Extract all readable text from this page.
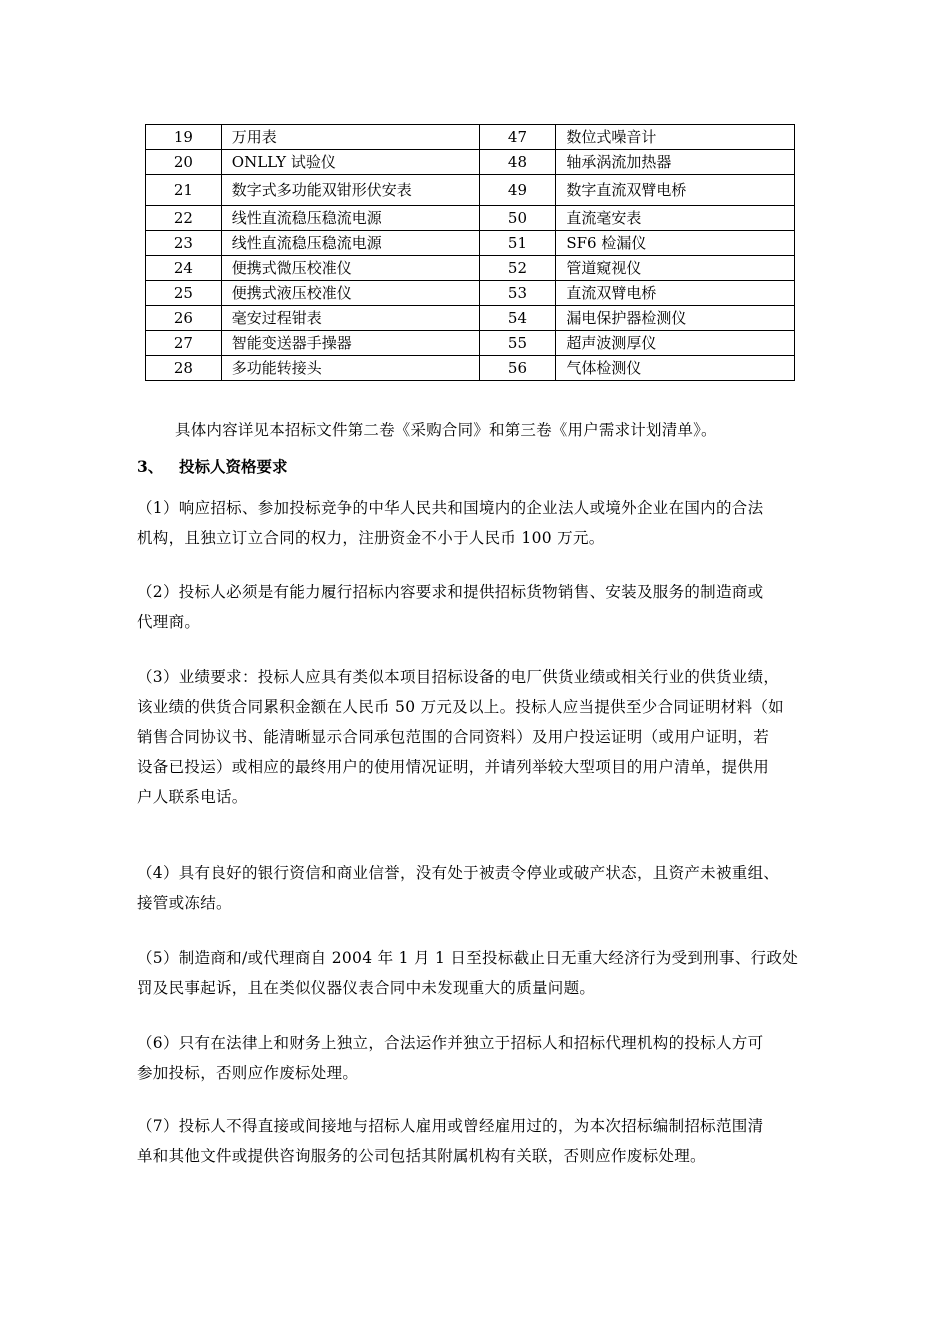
19	万用表	47	数位式噪音计
20	ONLLY 试验仪	48	轴承涡流加热器
21	数字式多功能双钳形伏安表	49	数字直流双臂电桥
22	线性直流稳压稳流电源	50	直流毫安表
23	线性直流稳压稳流电源	51	SF6 检漏仪
24	便携式微压校准仪	52	管道窥视仪
25	便携式液压校准仪	53	直流双臂电桥
26	毫安过程钳表	54	漏电保护器检测仪
27	智能变送器手操器	55	超声波测厚仪
28	多功能转接头	56	气体检测仪
具体内容详见本招标文件第二卷《采购合同》和第三卷《用户需求计划清单》。
3、 投标人资格要求

（1）响应招标、参加投标竞争的中华人民共和国境内的企业法人或境外企业在国内的合法

机构，且独立订立合同的权力，注册资金不小于人民币 100 万元。

（2）投标人必须是有能力履行招标内容要求和提供招标货物销售、安装及服务的制造商或

代理商。

（3）业绩要求：投标人应具有类似本项目招标设备的电厂供货业绩或相关行业的供货业绩，

该业绩的供货合同累积金额在人民币 50 万元及以上。投标人应当提供至少合同证明材料（如

销售合同协议书、能清晰显示合同承包范围的合同资料）及用户投运证明（或用户证明，若

设备已投运）或相应的最终用户的使用情况证明，并请列举较大型项目的用户清单，提供用

户人联系电话。

（4）具有良好的银行资信和商业信誉，没有处于被责令停业或破产状态，且资产未被重组、

接管或冻结。

（5）制造商和/或代理商自 2004 年 1 月 1 日至投标截止日无重大经济行为受到刑事、行政处

罚及民事起诉，且在类似仪器仪表合同中未发现重大的质量问题。

（6）只有在法律上和财务上独立，合法运作并独立于招标人和招标代理机构的投标人方可

参加投标，否则应作废标处理。

（7）投标人不得直接或间接地与招标人雇用或曾经雇用过的，为本次招标编制招标范围清

单和其他文件或提供咨询服务的公司包括其附属机构有关联，否则应作废标处理。
